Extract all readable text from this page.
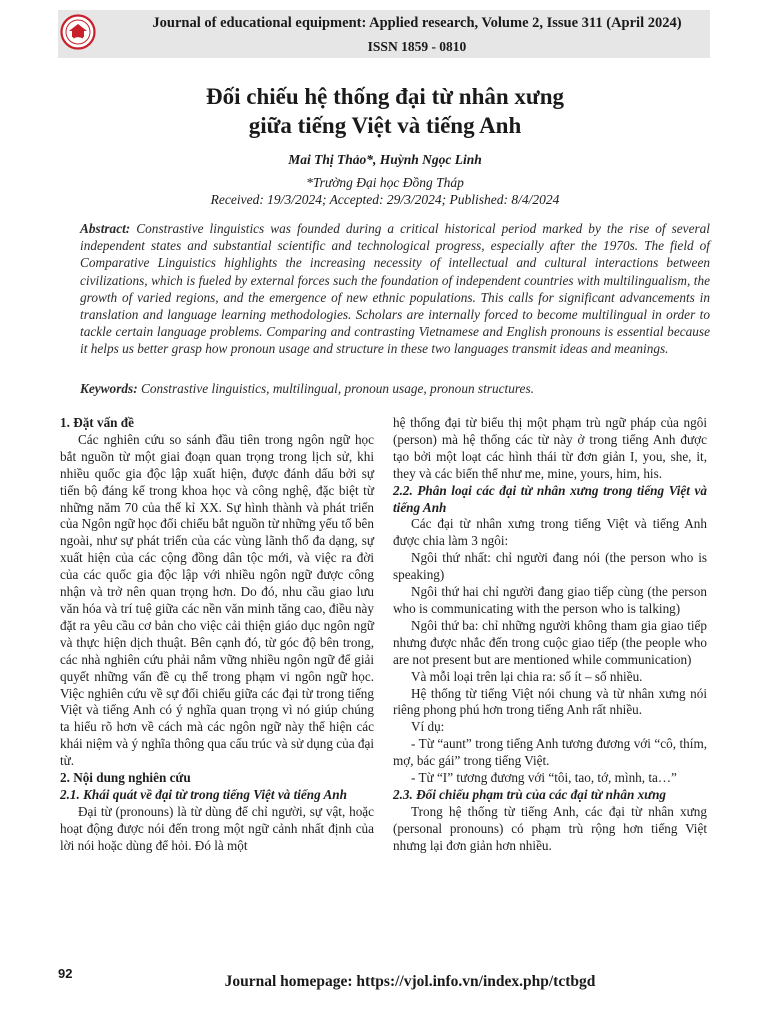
Journal of educational equipment: Applied research, Volume 2, Issue 311 (April 2024)
ISSN 1859 - 0810
Đối chiếu hệ thống đại từ nhân xưng
giữa tiếng Việt và tiếng Anh
Mai Thị Thảo*, Huỳnh Ngọc Linh
*Trường Đại học Đồng Tháp
Received: 19/3/2024; Accepted: 29/3/2024; Published: 8/4/2024
Abstract: Constrastive linguistics was founded during a critical historical period marked by the rise of several independent states and substantial scientific and technological progress, especially after the 1970s. The field of Comparative Linguistics highlights the increasing necessity of intellectual and cultural interactions between civilizations, which is fueled by external forces such the foundation of independent countries with multilingualism, the growth of varied regions, and the emergence of new ethnic populations. This calls for significant advancements in translation and language learning methodologies. Scholars are internally forced to become multilingual in order to tackle certain language problems. Comparing and contrasting Vietnamese and English pronouns is essential because it helps us better grasp how pronoun usage and structure in these two languages transmit ideas and meanings.
Keywords: Constrastive linguistics, multilingual, pronoun usage, pronoun structures.

1. Đặt vấn đề

Các nghiên cứu so sánh đầu tiên trong ngôn ngữ học bắt nguồn từ một giai đoạn quan trọng trong lịch sử, khi nhiều quốc gia độc lập xuất hiện, được đánh dấu bởi sự tiến bộ đáng kể trong khoa học và công nghệ, đặc biệt từ những năm 70 của thế kỉ XX. Sự hình thành và phát triển của Ngôn ngữ học đối chiếu bắt nguồn từ những yếu tố bên ngoài, như sự phát triển của các vùng lãnh thổ đa dạng, sự xuất hiện của các cộng đồng dân tộc mới, và việc ra đời của các quốc gia độc lập với nhiều ngôn ngữ được công nhận và trở nên quan trọng hơn. Do đó, nhu cầu giao lưu văn hóa và trí tuệ giữa các nền văn minh tăng cao, điều này đặt ra yêu cầu cơ bản cho việc cải thiện giáo dục ngôn ngữ và thực hiện dịch thuật. Bên cạnh đó, từ góc độ bên trong, các nhà nghiên cứu phải nắm vững nhiều ngôn ngữ để giải quyết những vấn đề cụ thể trong phạm vi ngôn ngữ học. Việc nghiên cứu về sự đối chiếu giữa các đại từ trong tiếng Việt và tiếng Anh có ý nghĩa quan trọng vì nó giúp chúng ta hiểu rõ hơn về cách mà các ngôn ngữ này thể hiện các khái niệm và ý nghĩa thông qua cấu trúc và sử dụng của đại từ.

2. Nội dung nghiên cứu

2.1. Khái quát về đại từ trong tiếng Việt và tiếng Anh

Đại từ (pronouns) là từ dùng để chỉ người, sự vật, hoặc hoạt động được nói đến trong một ngữ cảnh nhất định của lời nói hoặc dùng để hỏi. Đó là một

hệ thống đại từ biểu thị một phạm trù ngữ pháp của ngôi (person) mà hệ thống các từ này ở trong tiếng Anh được tạo bởi một loạt các hình thái từ đơn giản I, you, she, it, they và các biến thể như me, mine, yours, him, his.

2.2. Phân loại các đại từ nhân xưng trong tiếng Việt và tiếng Anh

Các đại từ nhân xưng trong tiếng Việt và tiếng Anh được chia làm 3 ngôi:

Ngôi thứ nhất: chỉ người đang nói (the person who is speaking)

Ngôi thứ hai chỉ người đang giao tiếp cùng (the person who is communicating with the person who is talking)

Ngôi thứ ba: chỉ những người không tham gia giao tiếp nhưng được nhắc đến trong cuộc giao tiếp (the people who are not present but are mentioned while communication)

Và mỗi loại trên lại chia ra: số ít – số nhiều.

Hệ thống từ tiếng Việt nói chung và từ nhân xưng nói riêng phong phú hơn trong tiếng Anh rất nhiều.

Ví dụ:

- Từ “aunt” trong tiếng Anh tương đương với “cô, thím, mợ, bác gái” trong tiếng Việt.

- Từ “I” tương đương với “tôi, tao, tớ, mình, ta…”

2.3. Đối chiếu phạm trù của các đại từ nhân xưng

Trong hệ thống từ tiếng Anh, các đại từ nhân xưng (personal pronouns) có phạm trù rộng hơn tiếng Việt nhưng lại đơn giản hơn nhiều.

92	Journal homepage: https://vjol.info.vn/index.php/tctbgd
